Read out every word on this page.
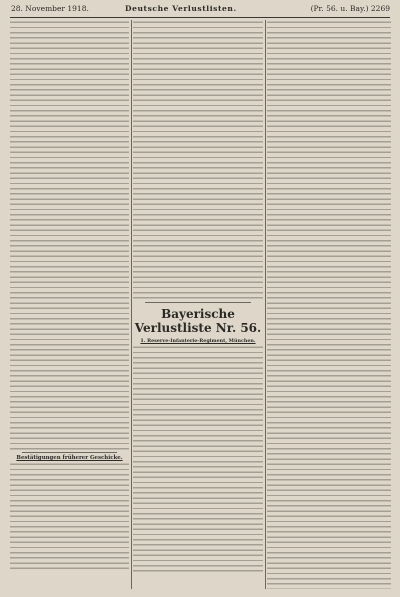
28. November 1918.	Deutsche Verlustlisten.	(Pr. 56. u. Bay.) 2269
Bestätigungen früherer Geschicke.
Bayerische Verlustliste Nr. 56.
1. Reserve-Infanterie-Regiment, München.
